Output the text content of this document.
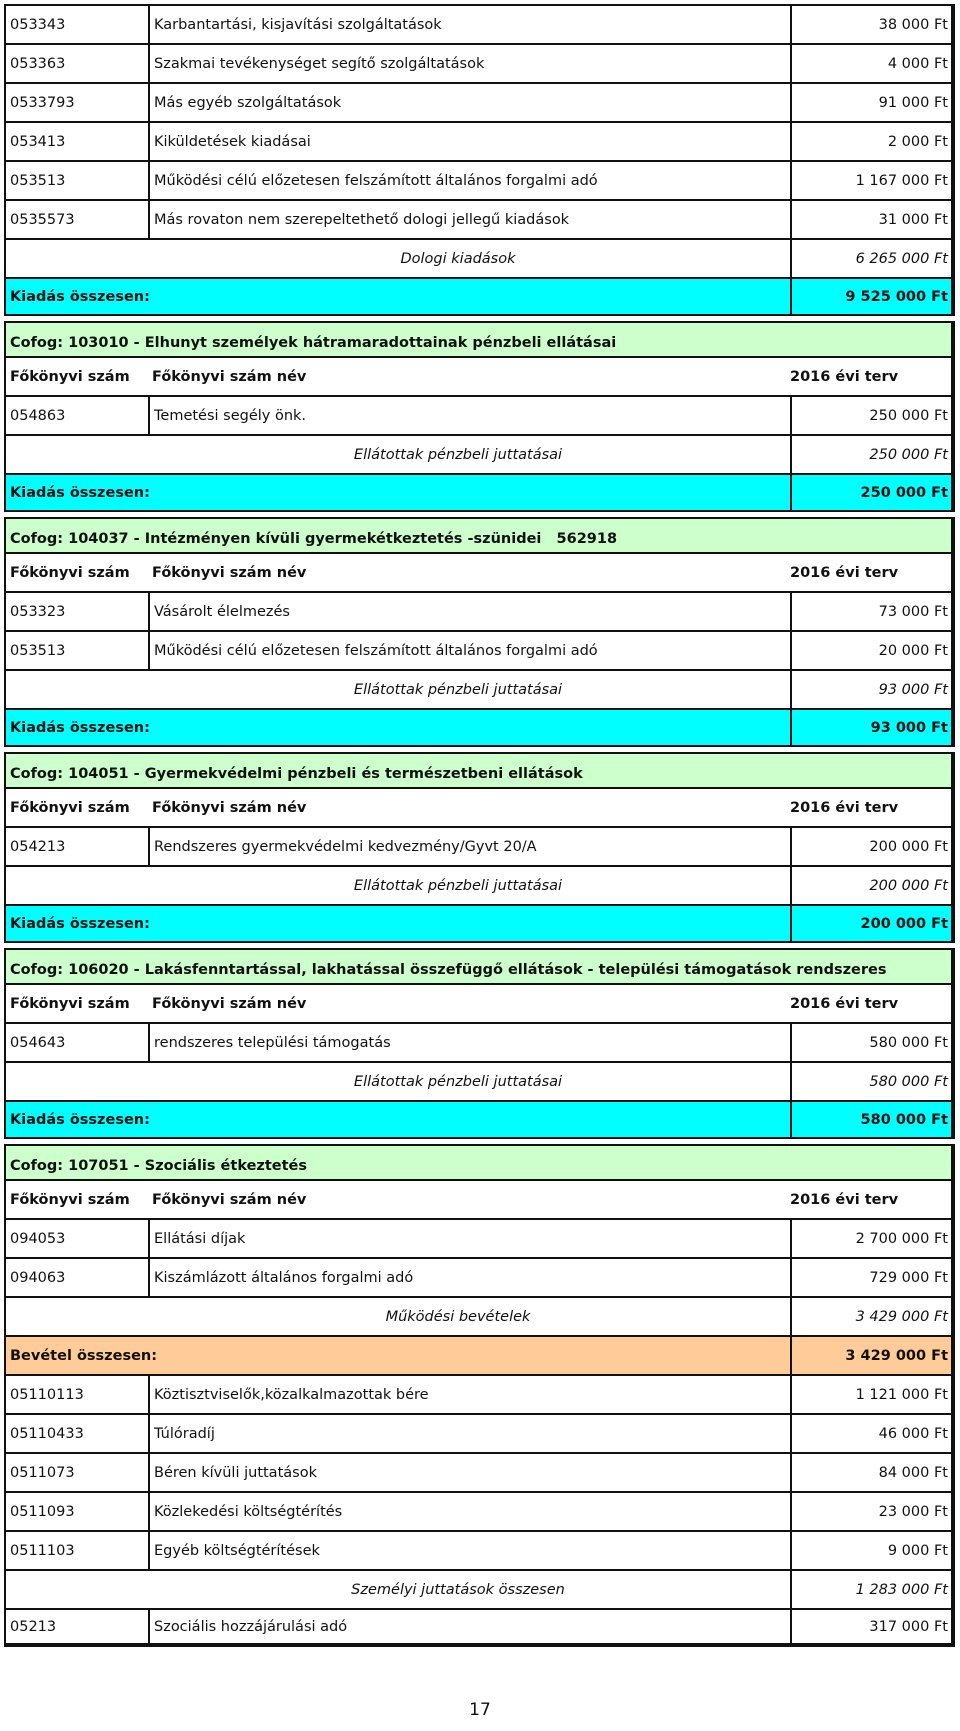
053343	Karbantartási, kisjavítási szolgáltatások	38 000 Ft
053363	Szakmai tevékenységet segítő szolgáltatások	4 000 Ft
0533793	Más egyéb szolgáltatások	91 000 Ft
053413	Kiküldetések kiadásai	2 000 Ft
053513	Működési célú előzetesen felszámított általános forgalmi adó	1 167 000 Ft
0535573	Más rovaton nem szerepeltethető dologi jellegű kiadások	31 000 Ft
Dologi kiadások	6 265 000 Ft
Kiadás összesen:	9 525 000 Ft
Cofog: 103010 - Elhunyt személyek hátramaradottainak pénzbeli ellátásai
Főkönyvi szám	Főkönyvi szám név	2016 évi terv
054863	Temetési segély önk.	250 000 Ft
Ellátottak pénzbeli juttatásai	250 000 Ft
Kiadás összesen:	250 000 Ft
Cofog: 104037 - Intézményen kívüli gyermekétkeztetés -szünidei   562918
Főkönyvi szám	Főkönyvi szám név	2016 évi terv
053323	Vásárolt élelmezés	73 000 Ft
053513	Működési célú előzetesen felszámított általános forgalmi adó	20 000 Ft
Ellátottak pénzbeli juttatásai	93 000 Ft
Kiadás összesen:	93 000 Ft
Cofog: 104051 - Gyermekvédelmi pénzbeli és természetbeni ellátások
Főkönyvi szám	Főkönyvi szám név	2016 évi terv
054213	Rendszeres gyermekvédelmi kedvezmény/Gyvt 20/A	200 000 Ft
Ellátottak pénzbeli juttatásai	200 000 Ft
Kiadás összesen:	200 000 Ft
Cofog: 106020 - Lakásfenntartással, lakhatással összefüggő ellátások - települési támogatások rendszeres
Főkönyvi szám	Főkönyvi szám név	2016 évi terv
054643	rendszeres települési támogatás	580 000 Ft
Ellátottak pénzbeli juttatásai	580 000 Ft
Kiadás összesen:	580 000 Ft
Cofog: 107051 - Szociális étkeztetés
Főkönyvi szám	Főkönyvi szám név	2016 évi terv
094053	Ellátási díjak	2 700 000 Ft
094063	Kiszámlázott általános forgalmi adó	729 000 Ft
Működési bevételek	3 429 000 Ft
Bevétel összesen:	3 429 000 Ft
05110113	Köztisztviselők,közalkalmazottak bére	1 121 000 Ft
05110433	Túlóradíj	46 000 Ft
0511073	Béren kívüli juttatások	84 000 Ft
0511093	Közlekedési költségtérítés	23 000 Ft
0511103	Egyéb költségtérítések	9 000 Ft
Személyi juttatások összesen	1 283 000 Ft
05213	Szociális hozzájárulási adó	317 000 Ft
17
